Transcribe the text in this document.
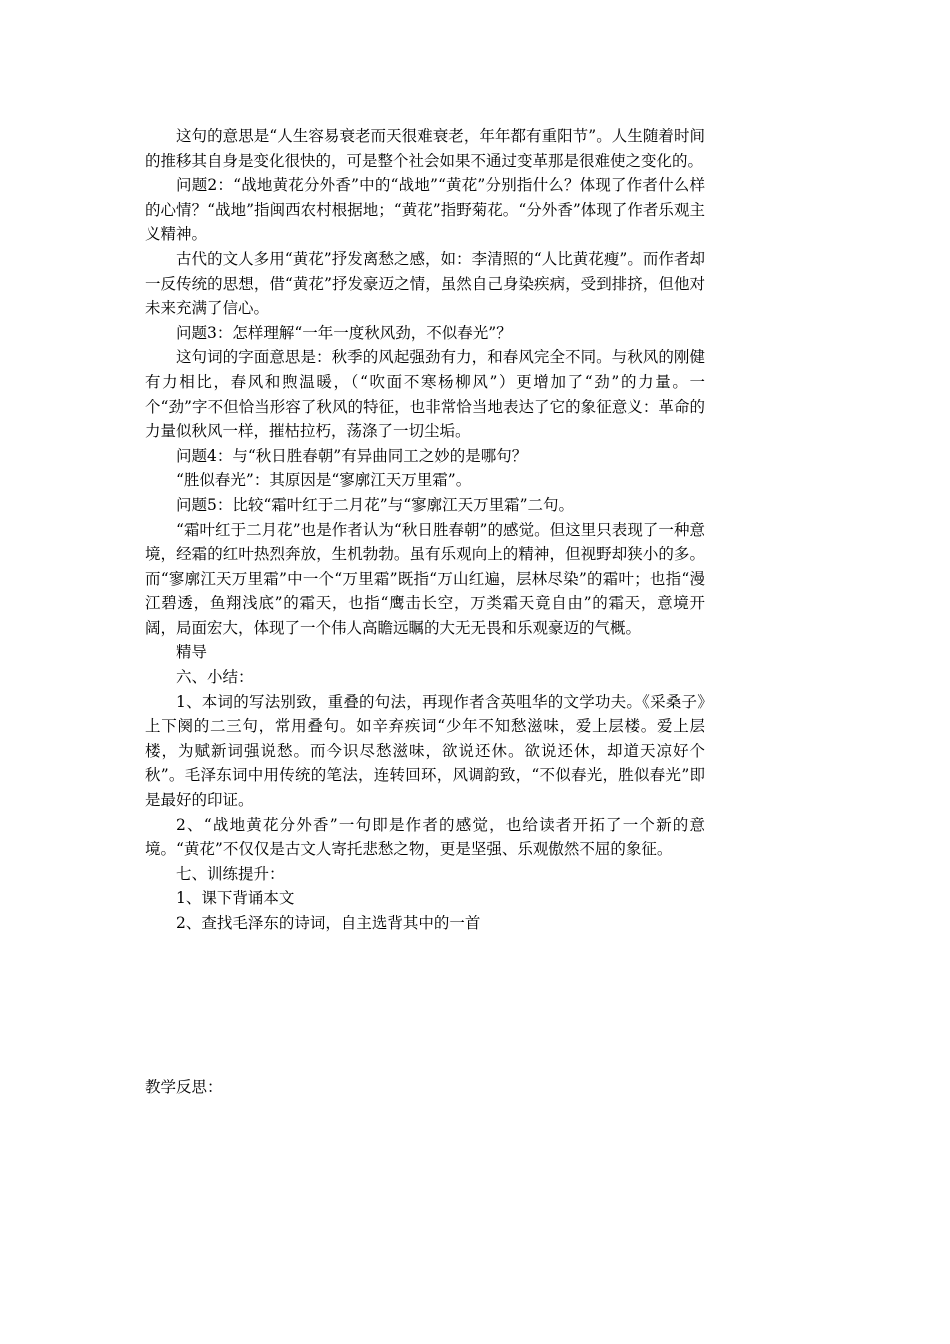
这句的意思是“人生容易衰老而天很难衰老，年年都有重阳节”。人生随着时间的推移其自身是变化很快的，可是整个社会如果不通过变革那是很难使之变化的。

问题2：“战地黄花分外香”中的“战地”“黄花”分别指什么？体现了作者什么样的心情？“战地”指闽西农村根据地；“黄花”指野菊花。“分外香”体现了作者乐观主义精神。

古代的文人多用“黄花”抒发离愁之感，如：李清照的“人比黄花瘦”。而作者却一反传统的思想，借“黄花”抒发豪迈之情，虽然自己身染疾病，受到排挤，但他对未来充满了信心。

问题3：怎样理解“一年一度秋风劲，不似春光”？

这句词的字面意思是：秋季的风起强劲有力，和春风完全不同。与秋风的刚健有力相比，春风和煦温暖，（“吹面不寒杨柳风”）更增加了“劲”的力量。一个“劲”字不但恰当形容了秋风的特征，也非常恰当地表达了它的象征意义：革命的力量似秋风一样，摧枯拉朽，荡涤了一切尘垢。

问题4：与“秋日胜春朝”有异曲同工之妙的是哪句？

“胜似春光”：其原因是“寥廓江天万里霜”。

问题5：比较“霜叶红于二月花”与“寥廓江天万里霜”二句。

“霜叶红于二月花”也是作者认为“秋日胜春朝”的感觉。但这里只表现了一种意境，经霜的红叶热烈奔放，生机勃勃。虽有乐观向上的精神，但视野却狭小的多。而“寥廓江天万里霜”中一个“万里霜”既指“万山红遍，层林尽染”的霜叶；也指“漫江碧透，鱼翔浅底”的霜天，也指“鹰击长空，万类霜天竟自由”的霜天，意境开阔，局面宏大，体现了一个伟人高瞻远瞩的大无无畏和乐观豪迈的气概。

精导

六、小结：

1、本词的写法别致，重叠的句法，再现作者含英咀华的文学功夫。《采桑子》上下阕的二三句，常用叠句。如辛弃疾词“少年不知愁滋味，爱上层楼。爱上层楼，为赋新词强说愁。而今识尽愁滋味，欲说还休。欲说还休，却道天凉好个秋”。毛泽东词中用传统的笔法，连转回环，风调韵致，“不似春光，胜似春光”即是最好的印证。

2、“战地黄花分外香”一句即是作者的感觉，也给读者开拓了一个新的意境。“黄花”不仅仅是古文人寄托悲愁之物，更是坚强、乐观傲然不屈的象征。

七、训练提升：

1、课下背诵本文

2、查找毛泽东的诗词，自主选背其中的一首

教学反思：
